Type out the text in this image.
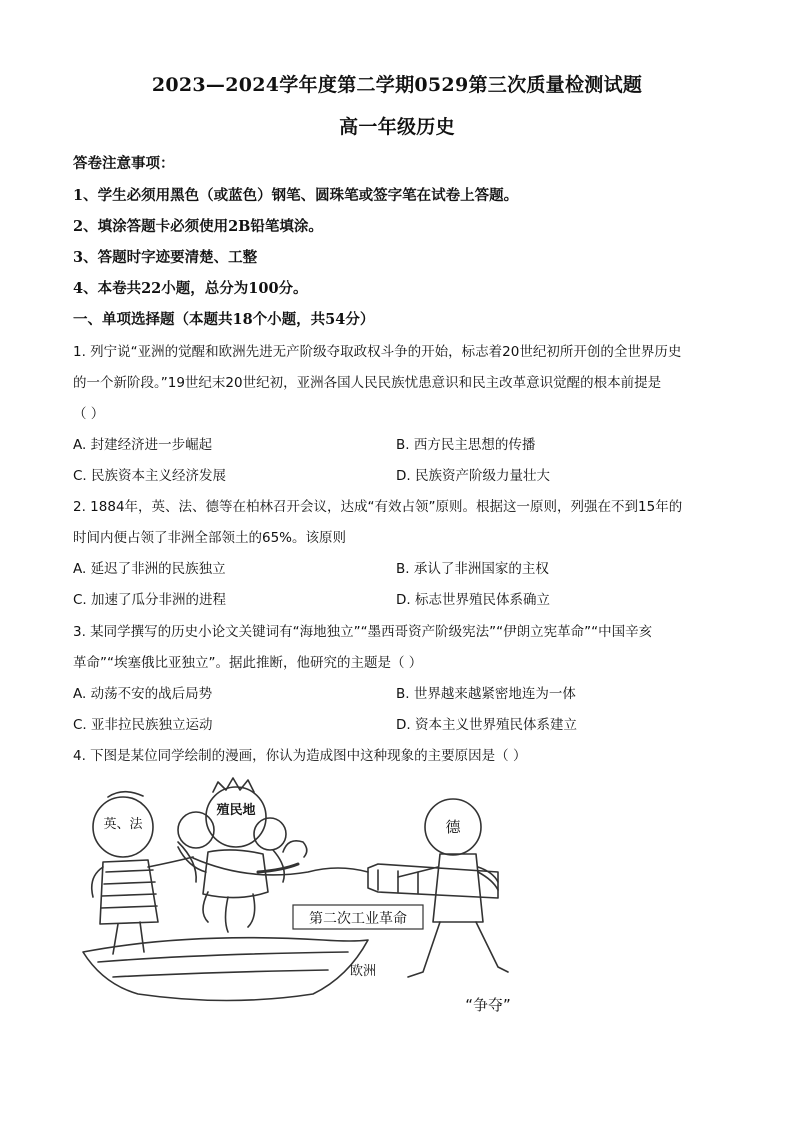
2023—2024学年度第二学期0529第三次质量检测试题
高一年级历史
答卷注意事项：
1、学生必须用黑色（或蓝色）钢笔、圆珠笔或签字笔在试卷上答题。
2、填涂答题卡必须使用2B铅笔填涂。
3、答题时字迹要清楚、工整
4、本卷共22小题，总分为100分。
一、单项选择题（本题共18个小题，共54分）
1. 列宁说“亚洲的觉醒和欧洲先进无产阶级夺取政权斗争的开始，标志着20世纪初所开创的全世界历史
的一个新阶段。”19世纪末20世纪初，亚洲各国人民民族忧患意识和民主改革意识觉醒的根本前提是
（ ）
A. 封建经济进一步崛起	B. 西方民主思想的传播
C. 民族资本主义经济发展	D. 民族资产阶级力量壮大
2. 1884年，英、法、德等在柏林召开会议，达成“有效占领”原则。根据这一原则，列强在不到15年的
时间内便占领了非洲全部领土的65%。该原则
A. 延迟了非洲的民族独立	B. 承认了非洲国家的主权
C. 加速了瓜分非洲的进程	D. 标志世界殖民体系确立
3. 某同学撰写的历史小论文关键词有“海地独立”“墨西哥资产阶级宪法”“伊朗立宪革命”“中国辛亥
革命”“埃塞俄比亚独立”。据此推断，他研究的主题是（ ）
A. 动荡不安的战后局势	B. 世界越来越紧密地连为一体
C. 亚非拉民族独立运动	D. 资本主义世界殖民体系建立
4. 下图是某位同学绘制的漫画，你认为造成图中这种现象的主要原因是（ ）
第二次工业革命
英、法
殖民地
德
欧洲
“争夺”
